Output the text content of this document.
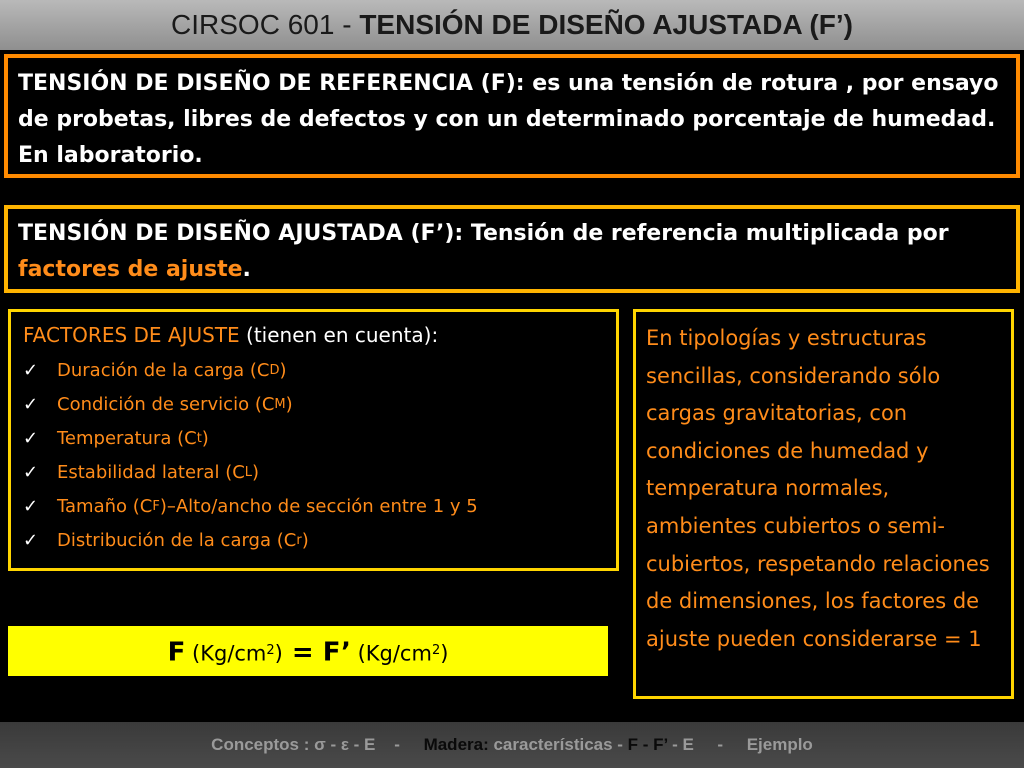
CIRSOC 601 - TENSIÓN DE DISEÑO AJUSTADA (F’)
TENSIÓN DE DISEÑO DE REFERENCIA (F): es una tensión de rotura , por ensayo de probetas, libres de defectos y con un determinado porcentaje de humedad. En laboratorio.
TENSIÓN DE DISEÑO AJUSTADA (F’): Tensión de referencia multiplicada por factores de ajuste.
FACTORES DE AJUSTE (tienen en cuenta):
✓	Duración de la carga (C D )
✓	Condición de servicio (C M )
✓	Temperatura (C t )
✓	Estabilidad lateral (C L )
✓	Tamaño (C F )–Alto/ancho de sección entre 1 y 5
✓	Distribución de la carga (C r )
En tipologías y estructuras sencillas, considerando sólo cargas gravitatorias, con condiciones de humedad y temperatura normales, ambientes cubiertos o semi-cubiertos, respetando relaciones de dimensiones, los factores de ajuste pueden considerarse = 1
F $(Kg/cm^2) = F$’ $(Kg/cm^2)$
Conceptos : σ - ε - E    -     Madera: características - F - F’ - E     -     Ejemplo
